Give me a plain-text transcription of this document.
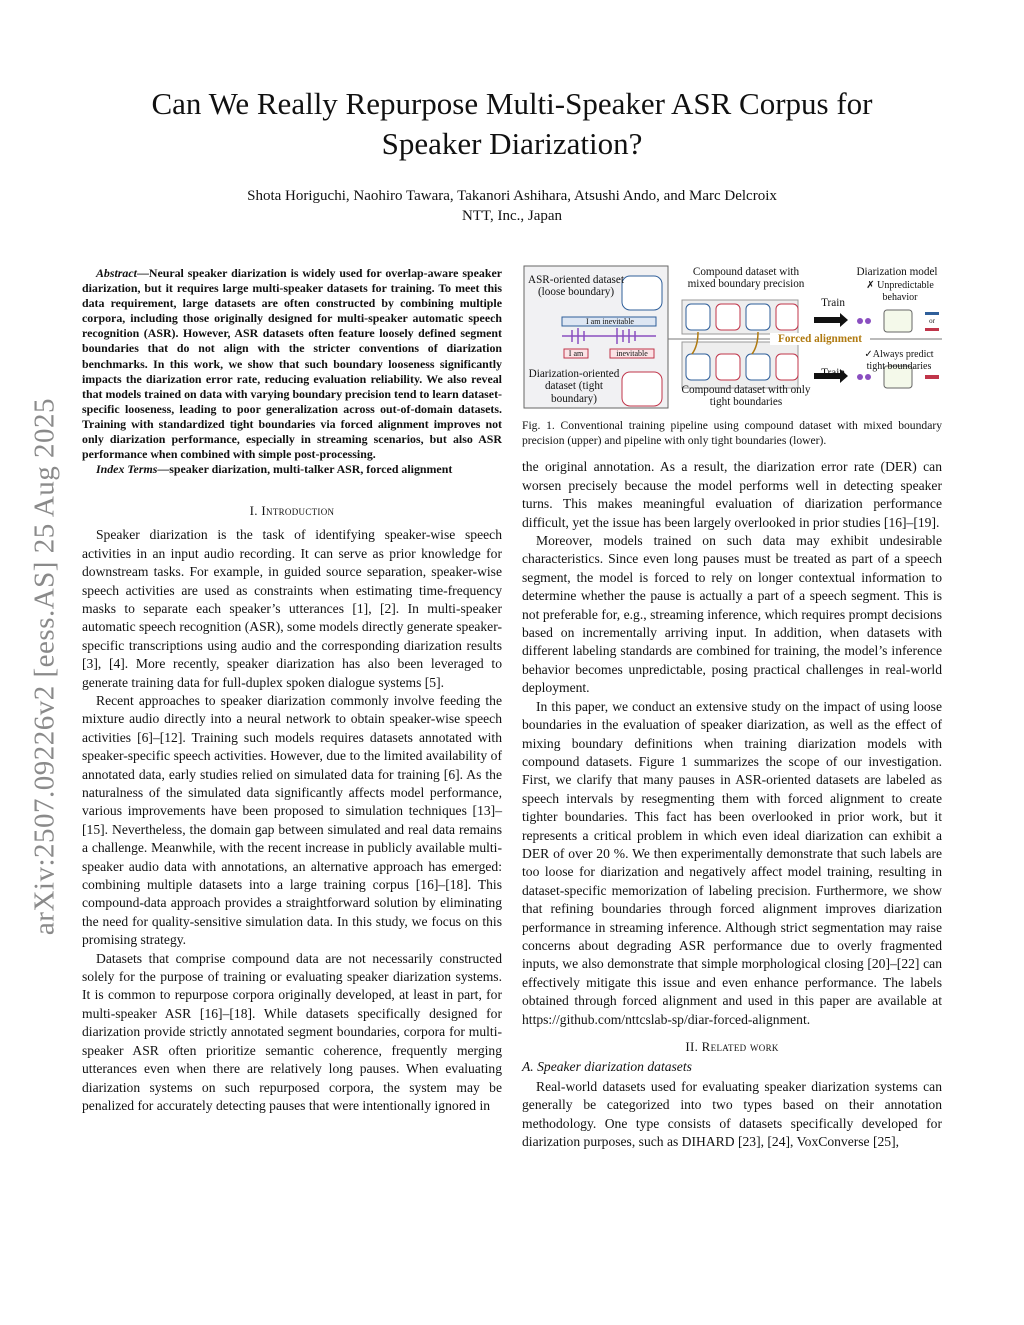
arXiv:2507.09226v2 [eess.AS] 25 Aug 2025
Can We Really Repurpose Multi-Speaker ASR Corpus for Speaker Diarization?
Shota Horiguchi, Naohiro Tawara, Takanori Ashihara, Atsushi Ando, and Marc Delcroix
NTT, Inc., Japan

Abstract—Neural speaker diarization is widely used for overlap-aware speaker diarization, but it requires large multi-speaker datasets for training. To meet this data requirement, large datasets are often constructed by combining multiple corpora, including those originally designed for multi-speaker automatic speech recognition (ASR). However, ASR datasets often feature loosely defined segment boundaries that do not align with the stricter conventions of diarization benchmarks. In this work, we show that such boundary looseness significantly impacts the diarization error rate, reducing evaluation reliability. We also reveal that models trained on data with varying boundary precision tend to learn dataset-specific looseness, leading to poor generalization across out-of-domain datasets. Training with standardized tight boundaries via forced alignment improves not only diarization performance, especially in streaming scenarios, but also ASR performance when combined with simple post-processing.

Index Terms—speaker diarization, multi-talker ASR, forced alignment

I. Introduction

Speaker diarization is the task of identifying speaker-wise speech activities in an input audio recording. It can serve as prior knowledge for downstream tasks. For example, in guided source separation, speaker-wise speech activities are used as constraints when estimating time-frequency masks to separate each speaker’s utterances [1], [2]. In multi-speaker automatic speech recognition (ASR), some models directly generate speaker-specific transcriptions using audio and the corresponding diarization results [3], [4]. More recently, speaker diarization has also been leveraged to generate training data for full-duplex spoken dialogue systems [5].

Recent approaches to speaker diarization commonly involve feeding the mixture audio directly into a neural network to obtain speaker-wise speech activities [6]–[12]. Training such models requires datasets annotated with speaker-specific speech activities. However, due to the limited availability of annotated data, early studies relied on simulated data for training [6]. As the naturalness of the simulated data significantly affects model performance, various improvements have been proposed to simulation techniques [13]–[15]. Nevertheless, the domain gap between simulated and real data remains a challenge. Meanwhile, with the recent increase in publicly available multi-speaker audio data with annotations, an alternative approach has emerged: combining multiple datasets into a large training corpus [16]–[18]. This compound-data approach provides a straightforward solution by eliminating the need for quality-sensitive simulation data. In this study, we focus on this promising strategy.

Datasets that comprise compound data are not necessarily constructed solely for the purpose of training or evaluating speaker diarization systems. It is common to repurpose corpora originally developed, at least in part, for multi-speaker ASR [16]–[18]. While datasets specifically designed for diarization provide strictly annotated segment boundaries, corpora for multi-speaker ASR often prioritize semantic coherence, frequently merging utterances even when there are relatively long pauses. When evaluating diarization systems on such repurposed corpora, the system may be penalized for accurately detecting pauses that were intentionally ignored in

ASR-oriented dataset (loose boundary)
I am inevitable
I am	inevitable
Diarization-oriented dataset (tight boundary)
Compound dataset with mixed boundary precision
Compound dataset with only tight boundaries
Forced alignment
Train
Train
Diarization model
✗ Unpredictable behavior
or
✓Always predict tight boundaries
Fig. 1. Conventional training pipeline using compound dataset with mixed boundary precision (upper) and pipeline with only tight boundaries (lower).

the original annotation. As a result, the diarization error rate (DER) can worsen precisely because the model performs well in detecting speaker turns. This makes meaningful evaluation of diarization performance difficult, yet the issue has been largely overlooked in prior studies [16]–[19].

Moreover, models trained on such data may exhibit undesirable characteristics. Since even long pauses must be treated as part of a speech segment, the model is forced to rely on longer contextual information to determine whether the pause is actually a part of a speech segment. This is not preferable for, e.g., streaming inference, which requires prompt decisions based on incrementally arriving input. In addition, when datasets with different labeling standards are combined for training, the model’s inference behavior becomes unpredictable, posing practical challenges in real-world deployment.

In this paper, we conduct an extensive study on the impact of using loose boundaries in the evaluation of speaker diarization, as well as the effect of mixing boundary definitions when training diarization models with compound datasets. Figure 1 summarizes the scope of our investigation. First, we clarify that many pauses in ASR-oriented datasets are labeled as speech intervals by resegmenting them with forced alignment to create tighter boundaries. This fact has been overlooked in prior work, but it represents a critical problem in which even ideal diarization can exhibit a DER of over 20 %. We then experimentally demonstrate that such labels are too loose for diarization and negatively affect model training, resulting in dataset-specific memorization of labeling precision. Furthermore, we show that refining boundaries through forced alignment improves diarization performance in streaming inference. Although strict segmentation may raise concerns about degrading ASR performance due to overly fragmented inputs, we also demonstrate that simple morphological closing [20]–[22] can effectively mitigate this issue and even enhance performance. The labels obtained through forced alignment and used in this paper are available at https://github.com/nttcslab-sp/diar-forced-alignment.

II. Related work
A. Speaker diarization datasets

Real-world datasets used for evaluating speaker diarization systems can generally be categorized into two types based on their annotation methodology. One type consists of datasets specifically developed for diarization purposes, such as DIHARD [23], [24], VoxConverse [25],
